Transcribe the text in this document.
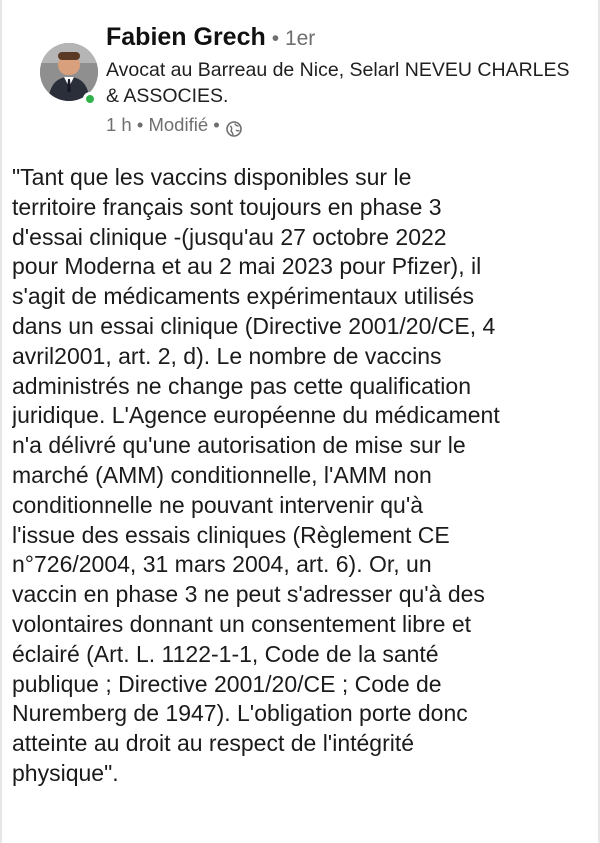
Fabien Grech • 1er
Avocat au Barreau de Nice, Selarl NEVEU CHARLES & ASSOCIES.
1 h • Modifié •
"Tant que les vaccins disponibles sur le
territoire français sont toujours en phase 3
d'essai clinique -(jusqu'au 27 octobre 2022
pour Moderna et au 2 mai 2023 pour Pfizer), il
s'agit de médicaments expérimentaux utilisés
dans un essai clinique (Directive 2001/20/CE, 4
avril2001, art. 2, d). Le nombre de vaccins
administrés ne change pas cette qualification
juridique. L'Agence européenne du médicament
n'a délivré qu'une autorisation de mise sur le
marché (AMM) conditionnelle, l'AMM non
conditionnelle ne pouvant intervenir qu'à
l'issue des essais cliniques (Règlement CE
n°726/2004, 31 mars 2004, art. 6). Or, un
vaccin en phase 3 ne peut s'adresser qu'à des
volontaires donnant un consentement libre et
éclairé (Art. L. 1122-1-1, Code de la santé
publique ; Directive 2001/20/CE ; Code de
Nuremberg de 1947). L'obligation porte donc
atteinte au droit au respect de l'intégrité
physique".
